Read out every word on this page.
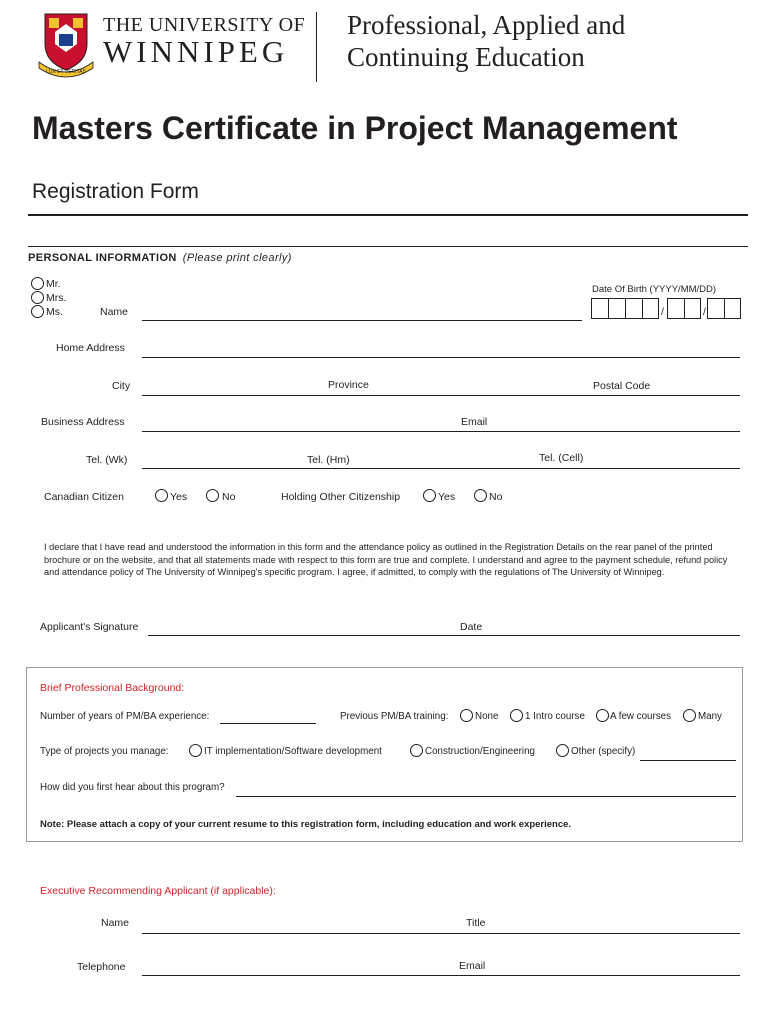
LUX ET VERITAS
THE UNIVERSITY OF
WINNIPEG
Professional, Applied and
Continuing Education
Masters Certificate in Project Management
Registration Form
PERSONAL INFORMATION (Please print clearly)
Mr.
Mrs.
Ms.	Name
Date Of Birth (YYYY/MM/DD)
/	/
Home Address
City	Province	Postal Code
Business Address	Email
Tel. (Wk)	Tel. (Hm)	Tel. (Cell)
Canadian Citizen	Yes	No	Holding Other Citizenship	Yes	No
I declare that I have read and understood the information in this form and the attendance policy as outlined in the Registration Details on the rear panel of the printed brochure or on the website, and that all statements made with respect to this form are true and complete. I understand and agree to the payment schedule, refund policy and attendance policy of The University of Winnipeg's specific program. I agree, if admitted, to comply with the regulations of The University of Winnipeg.
Applicant's Signature	Date
Brief Professional Background:
Number of years of PM/BA experience:	Previous PM/BA training:	None	1 Intro course	A few courses	Many
Type of projects you manage:	IT implementation/Software development	Construction/Engineering	Other (specify)
How did you first hear about this program?
Note: Please attach a copy of your current resume to this registration form, including education and work experience.
Executive Recommending Applicant (if applicable):
Name	Title
Telephone	Email
